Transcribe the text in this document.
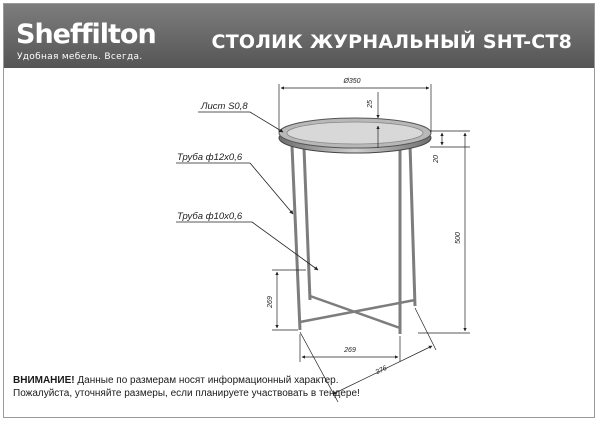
Sheffilton
Удобная мебель. Всегда.
СТОЛИК ЖУРНАЛЬНЫЙ SHT-CT8
Ø350
25
20
500
269
269
376
Лист S0,8
Труба ф12х0,6
Труба ф10х0,6
ВНИМАНИЕ! Данные по размерам носят информационный характер.
Пожалуйста, уточняйте размеры, если планируете участвовать в тендере!
